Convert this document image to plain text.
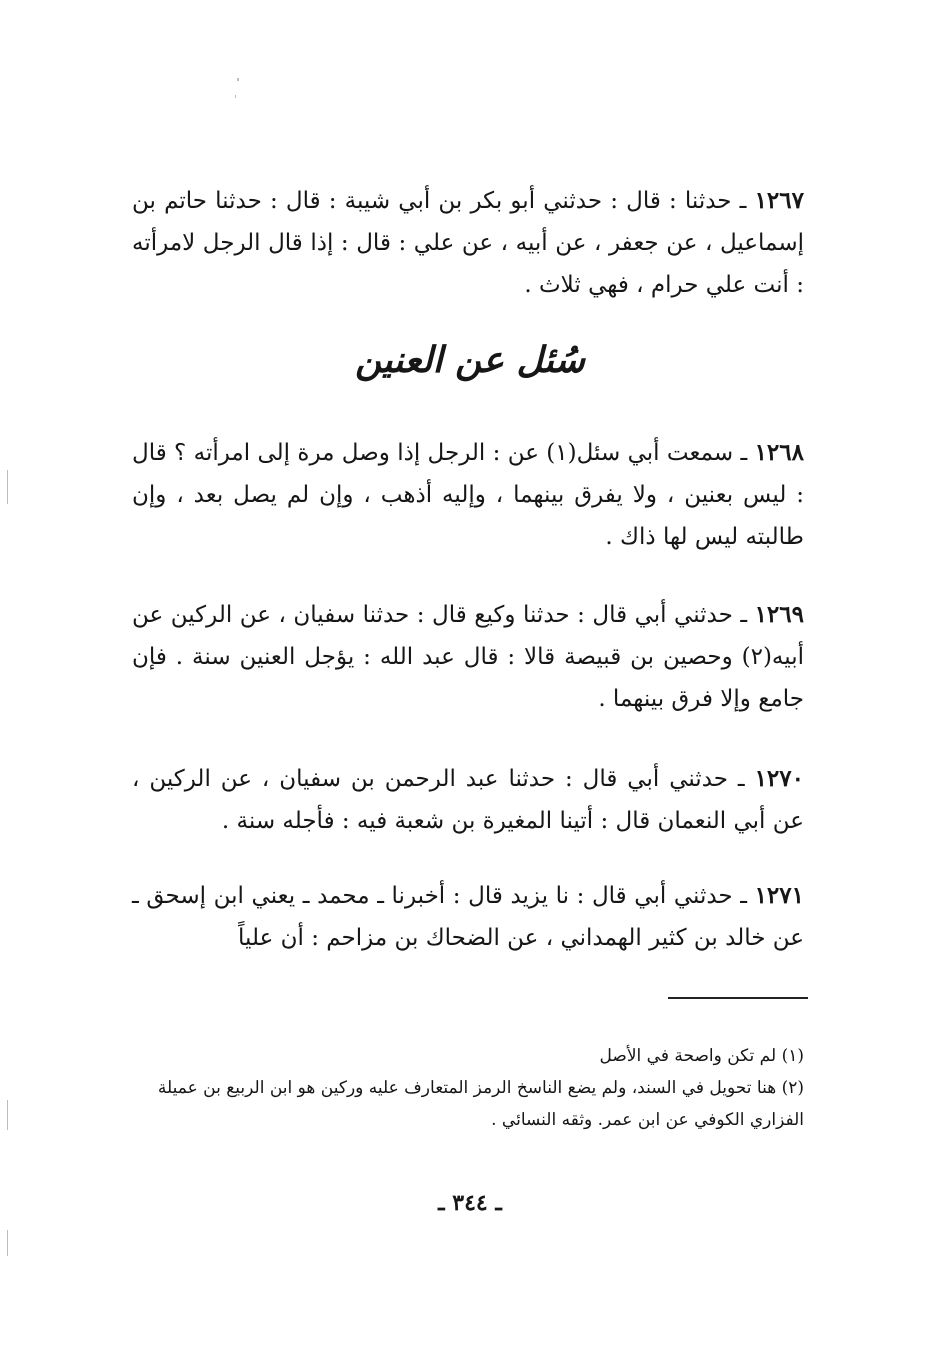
١٢٦٧ ـ حدثنا : قال : حدثني أبو بكر بن أبي شيبة : قال : حدثنا حاتم بن إسماعيل ، عن جعفر ، عن أبيه ، عن علي : قال : إذا قال الرجل لامرأته : أنت علي حرام ، فهي ثلاث .

سُئل عن العنين

١٢٦٨ ـ سمعت أبي سئل(١) عن : الرجل إذا وصل مرة إلى امرأته ؟ قال : ليس بعنين ، ولا يفرق بينهما ، وإليه أذهب ، وإن لم يصل بعد ، وإن طالبته ليس لها ذاك .

١٢٦٩ ـ حدثني أبي قال : حدثنا وكيع قال : حدثنا سفيان ، عن الركين عن أبيه(٢) وحصين بن قبيصة قالا : قال عبد الله : يؤجل العنين سنة . فإن جامع وإلا فرق بينهما .

١٢٧٠ ـ حدثني أبي قال : حدثنا عبد الرحمن بن سفيان ، عن الركين ، عن أبي النعمان قال : أتينا المغيرة بن شعبة فيه : فأجله سنة .

١٢٧١ ـ حدثني أبي قال : نا يزيد قال : أخبرنا ـ محمد ـ يعني ابن إسحق ـ عن خالد بن كثير الهمداني ، عن الضحاك بن مزاحم : أن علياً

(١) لم تكن واصحة في الأصل
(٢) هنا تحويل في السند، ولم يضع الناسخ الرمز المتعارف عليه وركين هو ابن الربيع بن عميلة الفزاري الكوفي عن ابن عمر. وثقه النسائي .
ـ ٣٤٤ ـ
